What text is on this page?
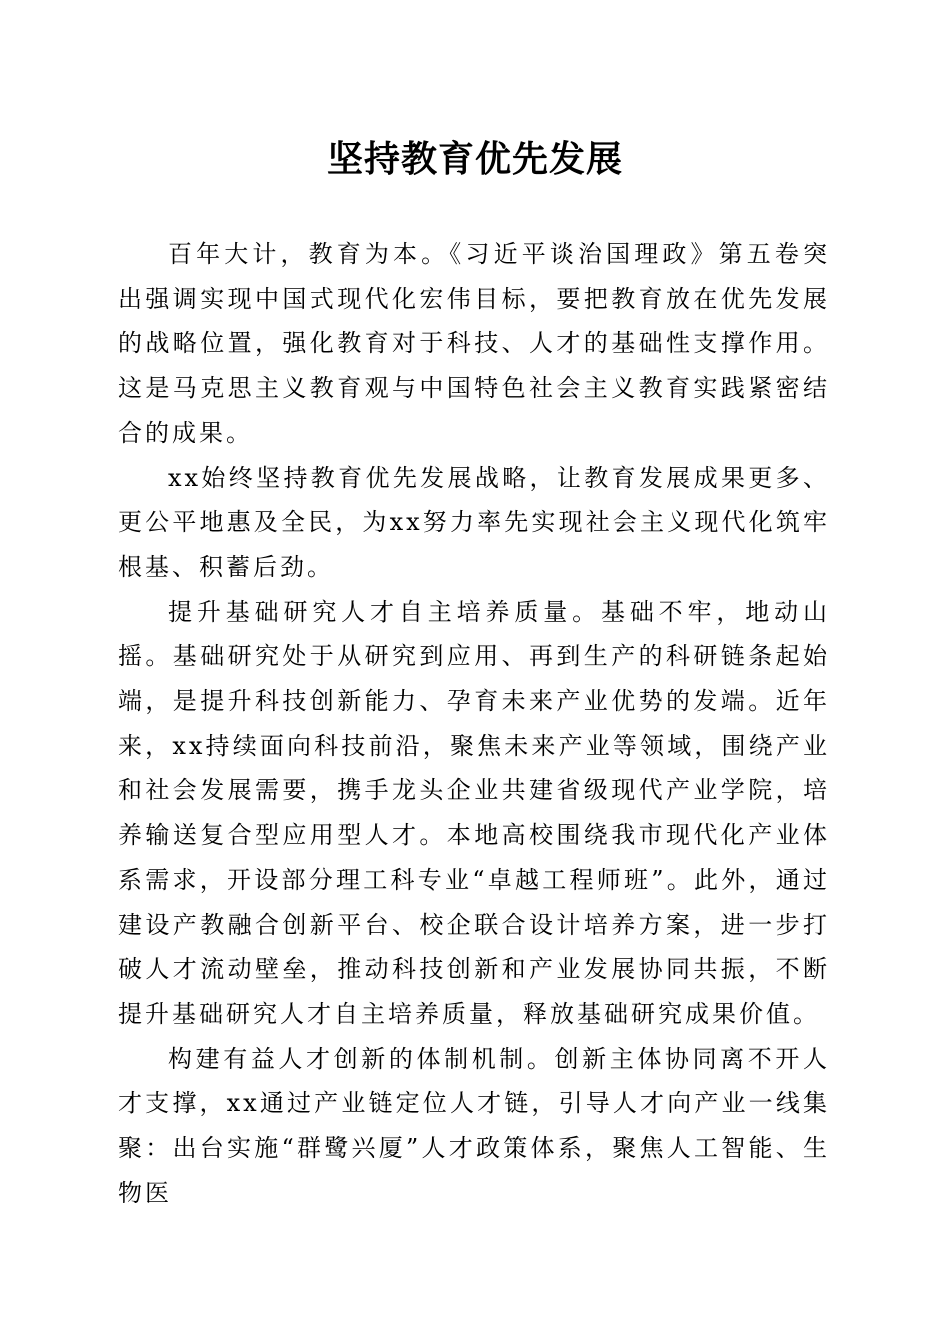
坚持教育优先发展

百年大计，教育为本。《习近平谈治国理政》第五卷突出强调实现中国式现代化宏伟目标，要把教育放在优先发展的战略位置，强化教育对于科技、人才的基础性支撑作用。这是马克思主义教育观与中国特色社会主义教育实践紧密结合的成果。

xx始终坚持教育优先发展战略，让教育发展成果更多、更公平地惠及全民，为xx努力率先实现社会主义现代化筑牢根基、积蓄后劲。

提升基础研究人才自主培养质量。基础不牢，地动山摇。基础研究处于从研究到应用、再到生产的科研链条起始端，是提升科技创新能力、孕育未来产业优势的发端。近年来，xx持续面向科技前沿，聚焦未来产业等领域，围绕产业和社会发展需要，携手龙头企业共建省级现代产业学院，培养输送复合型应用型人才。本地高校围绕我市现代化产业体系需求，开设部分理工科专业“卓越工程师班”。此外，通过建设产教融合创新平台、校企联合设计培养方案，进一步打破人才流动壁垒，推动科技创新和产业发展协同共振，不断提升基础研究人才自主培养质量，释放基础研究成果价值。

构建有益人才创新的体制机制。创新主体协同离不开人才支撑，xx通过产业链定位人才链，引导人才向产业一线集聚：出台实施“群鹭兴厦”人才政策体系，聚焦人工智能、生物医
